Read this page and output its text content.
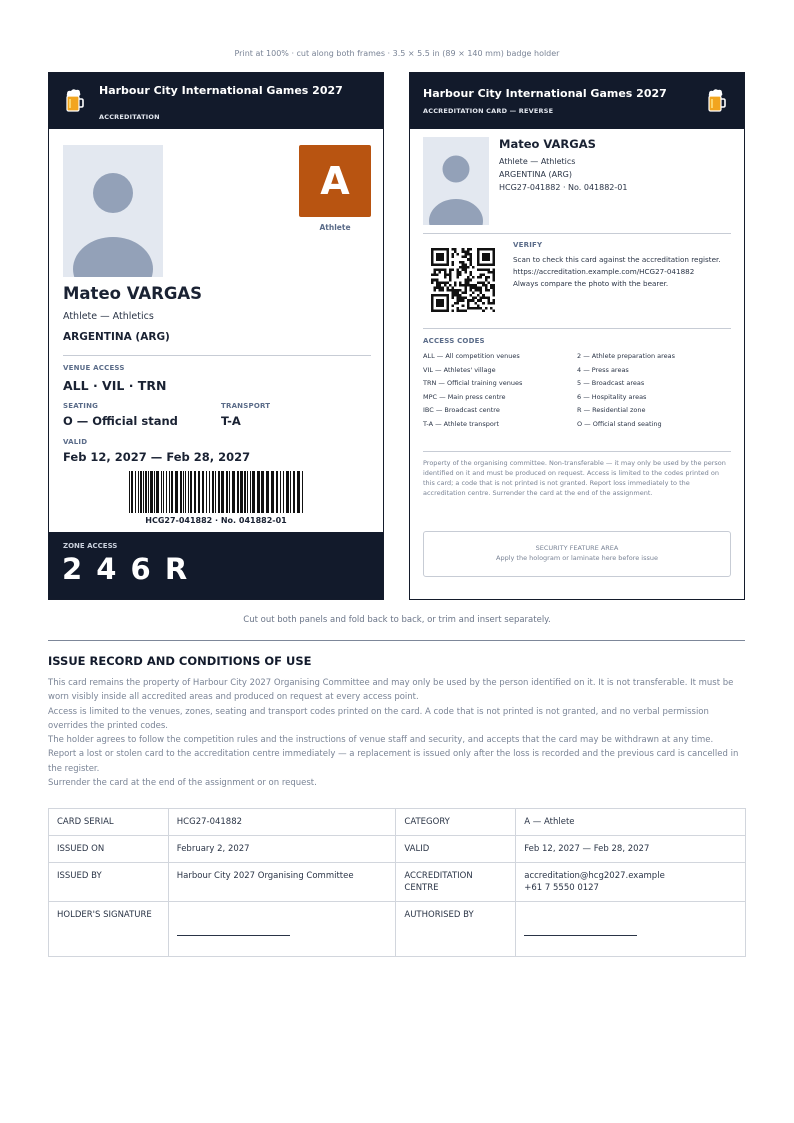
Print at 100% · cut along both frames · 3.5 × 5.5 in (89 × 140 mm) badge holder
Harbour City International Games 2027
ACCREDITATION
A
Athlete
Mateo VARGAS
Athlete — Athletics
ARGENTINA (ARG)
VENUE ACCESS
ALL · VIL · TRN
SEATING
O — Official stand
TRANSPORT
T-A
VALID
Feb 12, 2027 — Feb 28, 2027
HCG27-041882 · No. 041882-01
ZONE ACCESS
2 4 6 R
Harbour City International Games 2027
ACCREDITATION CARD — REVERSE
Mateo VARGAS
Athlete — Athletics
ARGENTINA (ARG)
HCG27-041882 · No. 041882-01
VERIFY
Scan to check this card against the accreditation register.
https://accreditation.example.com/HCG27-041882
Always compare the photo with the bearer.
ACCESS CODES
ALL — All competition venues
VIL — Athletes' village
TRN — Official training venues
MPC — Main press centre
IBC — Broadcast centre
T-A — Athlete transport
2 — Athlete preparation areas
4 — Press areas
5 — Broadcast areas
6 — Hospitality areas
R — Residential zone
O — Official stand seating
Property of the organising committee. Non-transferable — it may only be used by the person identified on it and must be produced on request. Access is limited to the codes printed on this card; a code that is not printed is not granted. Report loss immediately to the accreditation centre. Surrender the card at the end of the assignment.
SECURITY FEATURE AREA
Apply the hologram or laminate here before issue
Cut out both panels and fold back to back, or trim and insert separately.
ISSUE RECORD AND CONDITIONS OF USE

This card remains the property of Harbour City 2027 Organising Committee and may only be used by the person identified on it. It is not transferable. It must be worn visibly inside all accredited areas and produced on request at every access point.

Access is limited to the venues, zones, seating and transport codes printed on the card. A code that is not printed is not granted, and no verbal permission overrides the printed codes.

The holder agrees to follow the competition rules and the instructions of venue staff and security, and accepts that the card may be withdrawn at any time.

Report a lost or stolen card to the accreditation centre immediately — a replacement is issued only after the loss is recorded and the previous card is cancelled in the register.

Surrender the card at the end of the assignment or on request.

CARD SERIAL	HCG27-041882	CATEGORY	A — Athlete
ISSUED ON	February 2, 2027	VALID	Feb 12, 2027 — Feb 28, 2027
ISSUED BY	Harbour City 2027 Organising Committee	ACCREDITATION CENTRE	accreditation@hcg2027.example
+61 7 5550 0127

HOLDER'S SIGNATURE		AUTHORISED BY	
